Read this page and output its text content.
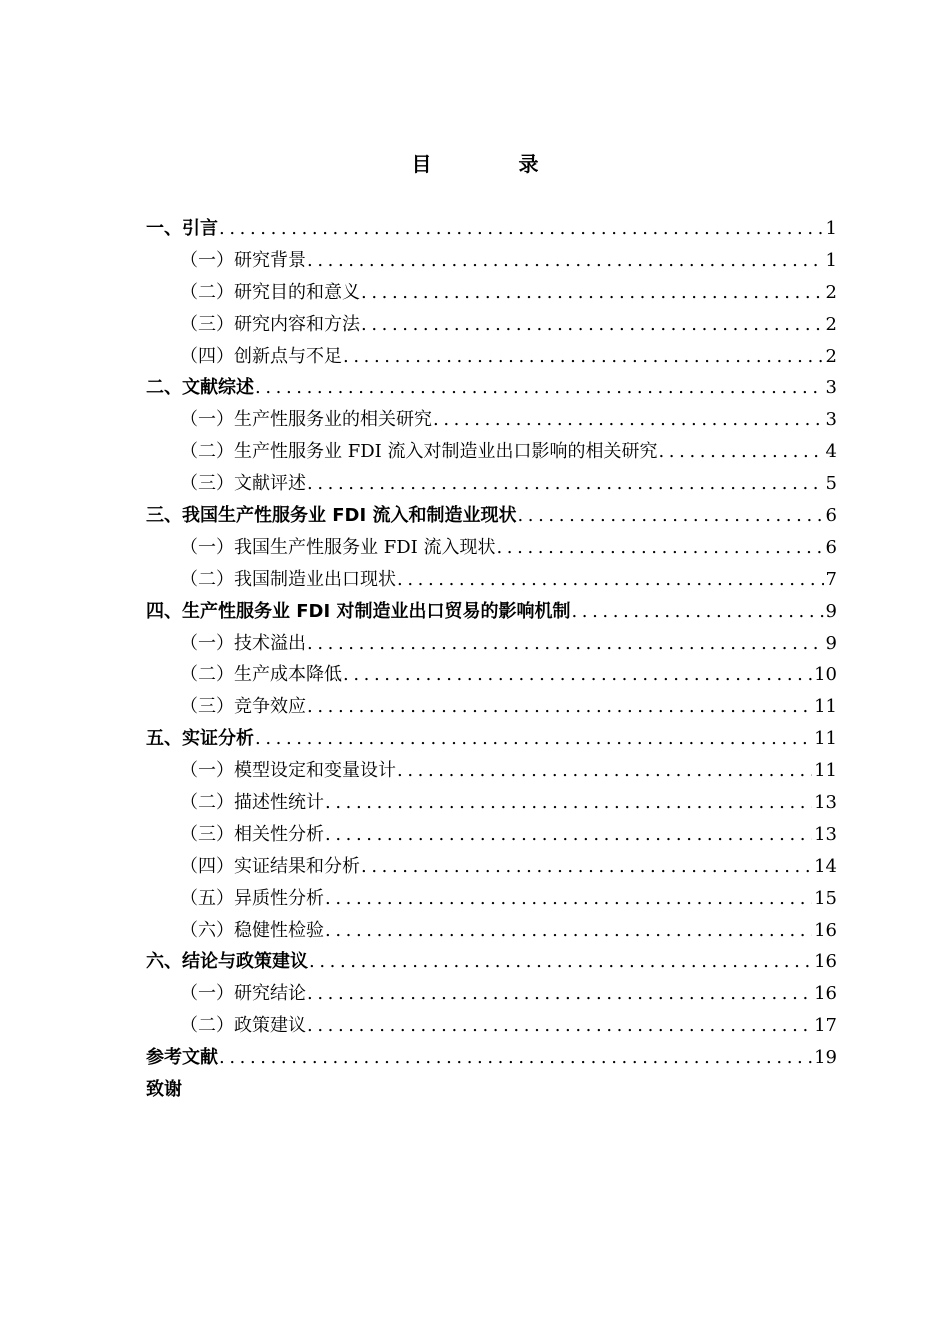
目 录
一、 引言 .....	1
（一） 研究背景 .....	1
（二） 研究目的和意义 .....	2
（三） 研究内容和方法 .....	2
（四） 创新点与不足 .....	2
二、 文献综述 .....	3
（一） 生产性服务业的相关研究 .....	3
（二） 生产性服务业 FDI 流入对制造业出口影响的相关研究 .....	4
（三） 文献评述 .....	5
三、 我国生产性服务业 FDI 流入和制造业现状 .....	6
（一） 我国生产性服务业 FDI 流入现状 .....	6
（二） 我国制造业出口现状 .....	7
四、 生产性服务业 FDI 对制造业出口贸易的影响机制 .....	9
（一） 技术溢出 .....	9
（二） 生产成本降低 .....	10
（三） 竞争效应 .....	11
五、 实证分析 .....	11
（一） 模型设定和变量设计 .....	11
（二） 描述性统计 .....	13
（三） 相关性分析 .....	13
（四） 实证结果和分析 .....	14
（五） 异质性分析 .....	15
（六） 稳健性检验 .....	16
六、 结论与政策建议 .....	16
（一） 研究结论 .....	16
（二） 政策建议 .....	17
参考文献 .....	19
致谢
